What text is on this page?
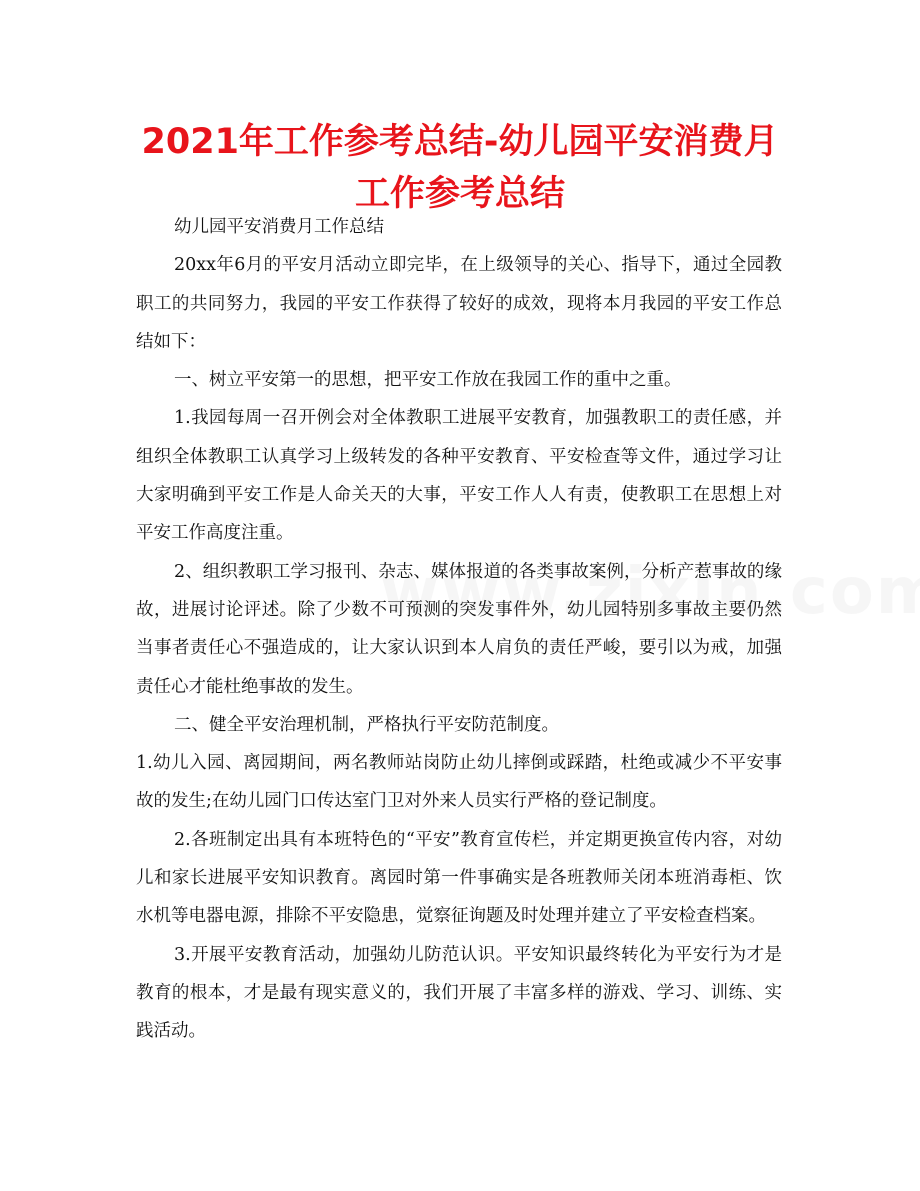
2021年工作参考总结-幼儿园平安消费月工作参考总结

幼儿园平安消费月工作总结

20xx年6月的平安月活动立即完毕，在上级领导的关心、指导下，通过全园教职工的共同努力，我园的平安工作获得了较好的成效，现将本月我园的平安工作总结如下：

一、树立平安第一的思想，把平安工作放在我园工作的重中之重。

1.我园每周一召开例会对全体教职工进展平安教育，加强教职工的责任感，并组织全体教职工认真学习上级转发的各种平安教育、平安检查等文件，通过学习让大家明确到平安工作是人命关天的大事，平安工作人人有责，使教职工在思想上对平安工作高度注重。

2、组织教职工学习报刊、杂志、媒体报道的各类事故案例，分析产惹事故的缘故，进展讨论评述。除了少数不可预测的突发事件外，幼儿园特别多事故主要仍然当事者责任心不强造成的，让大家认识到本人肩负的责任严峻，要引以为戒，加强责任心才能杜绝事故的发生。

二、健全平安治理机制，严格执行平安防范制度。

1.幼儿入园、离园期间，两名教师站岗防止幼儿摔倒或踩踏，杜绝或减少不平安事故的发生;在幼儿园门口传达室门卫对外来人员实行严格的登记制度。

2.各班制定出具有本班特色的“平安”教育宣传栏，并定期更换宣传内容，对幼儿和家长进展平安知识教育。离园时第一件事确实是各班教师关闭本班消毒柜、饮水机等电器电源，排除不平安隐患，觉察征询题及时处理并建立了平安检查档案。

3.开展平安教育活动，加强幼儿防范认识。平安知识最终转化为平安行为才是教育的根本，才是最有现实意义的，我们开展了丰富多样的游戏、学习、训练、实践活动。
